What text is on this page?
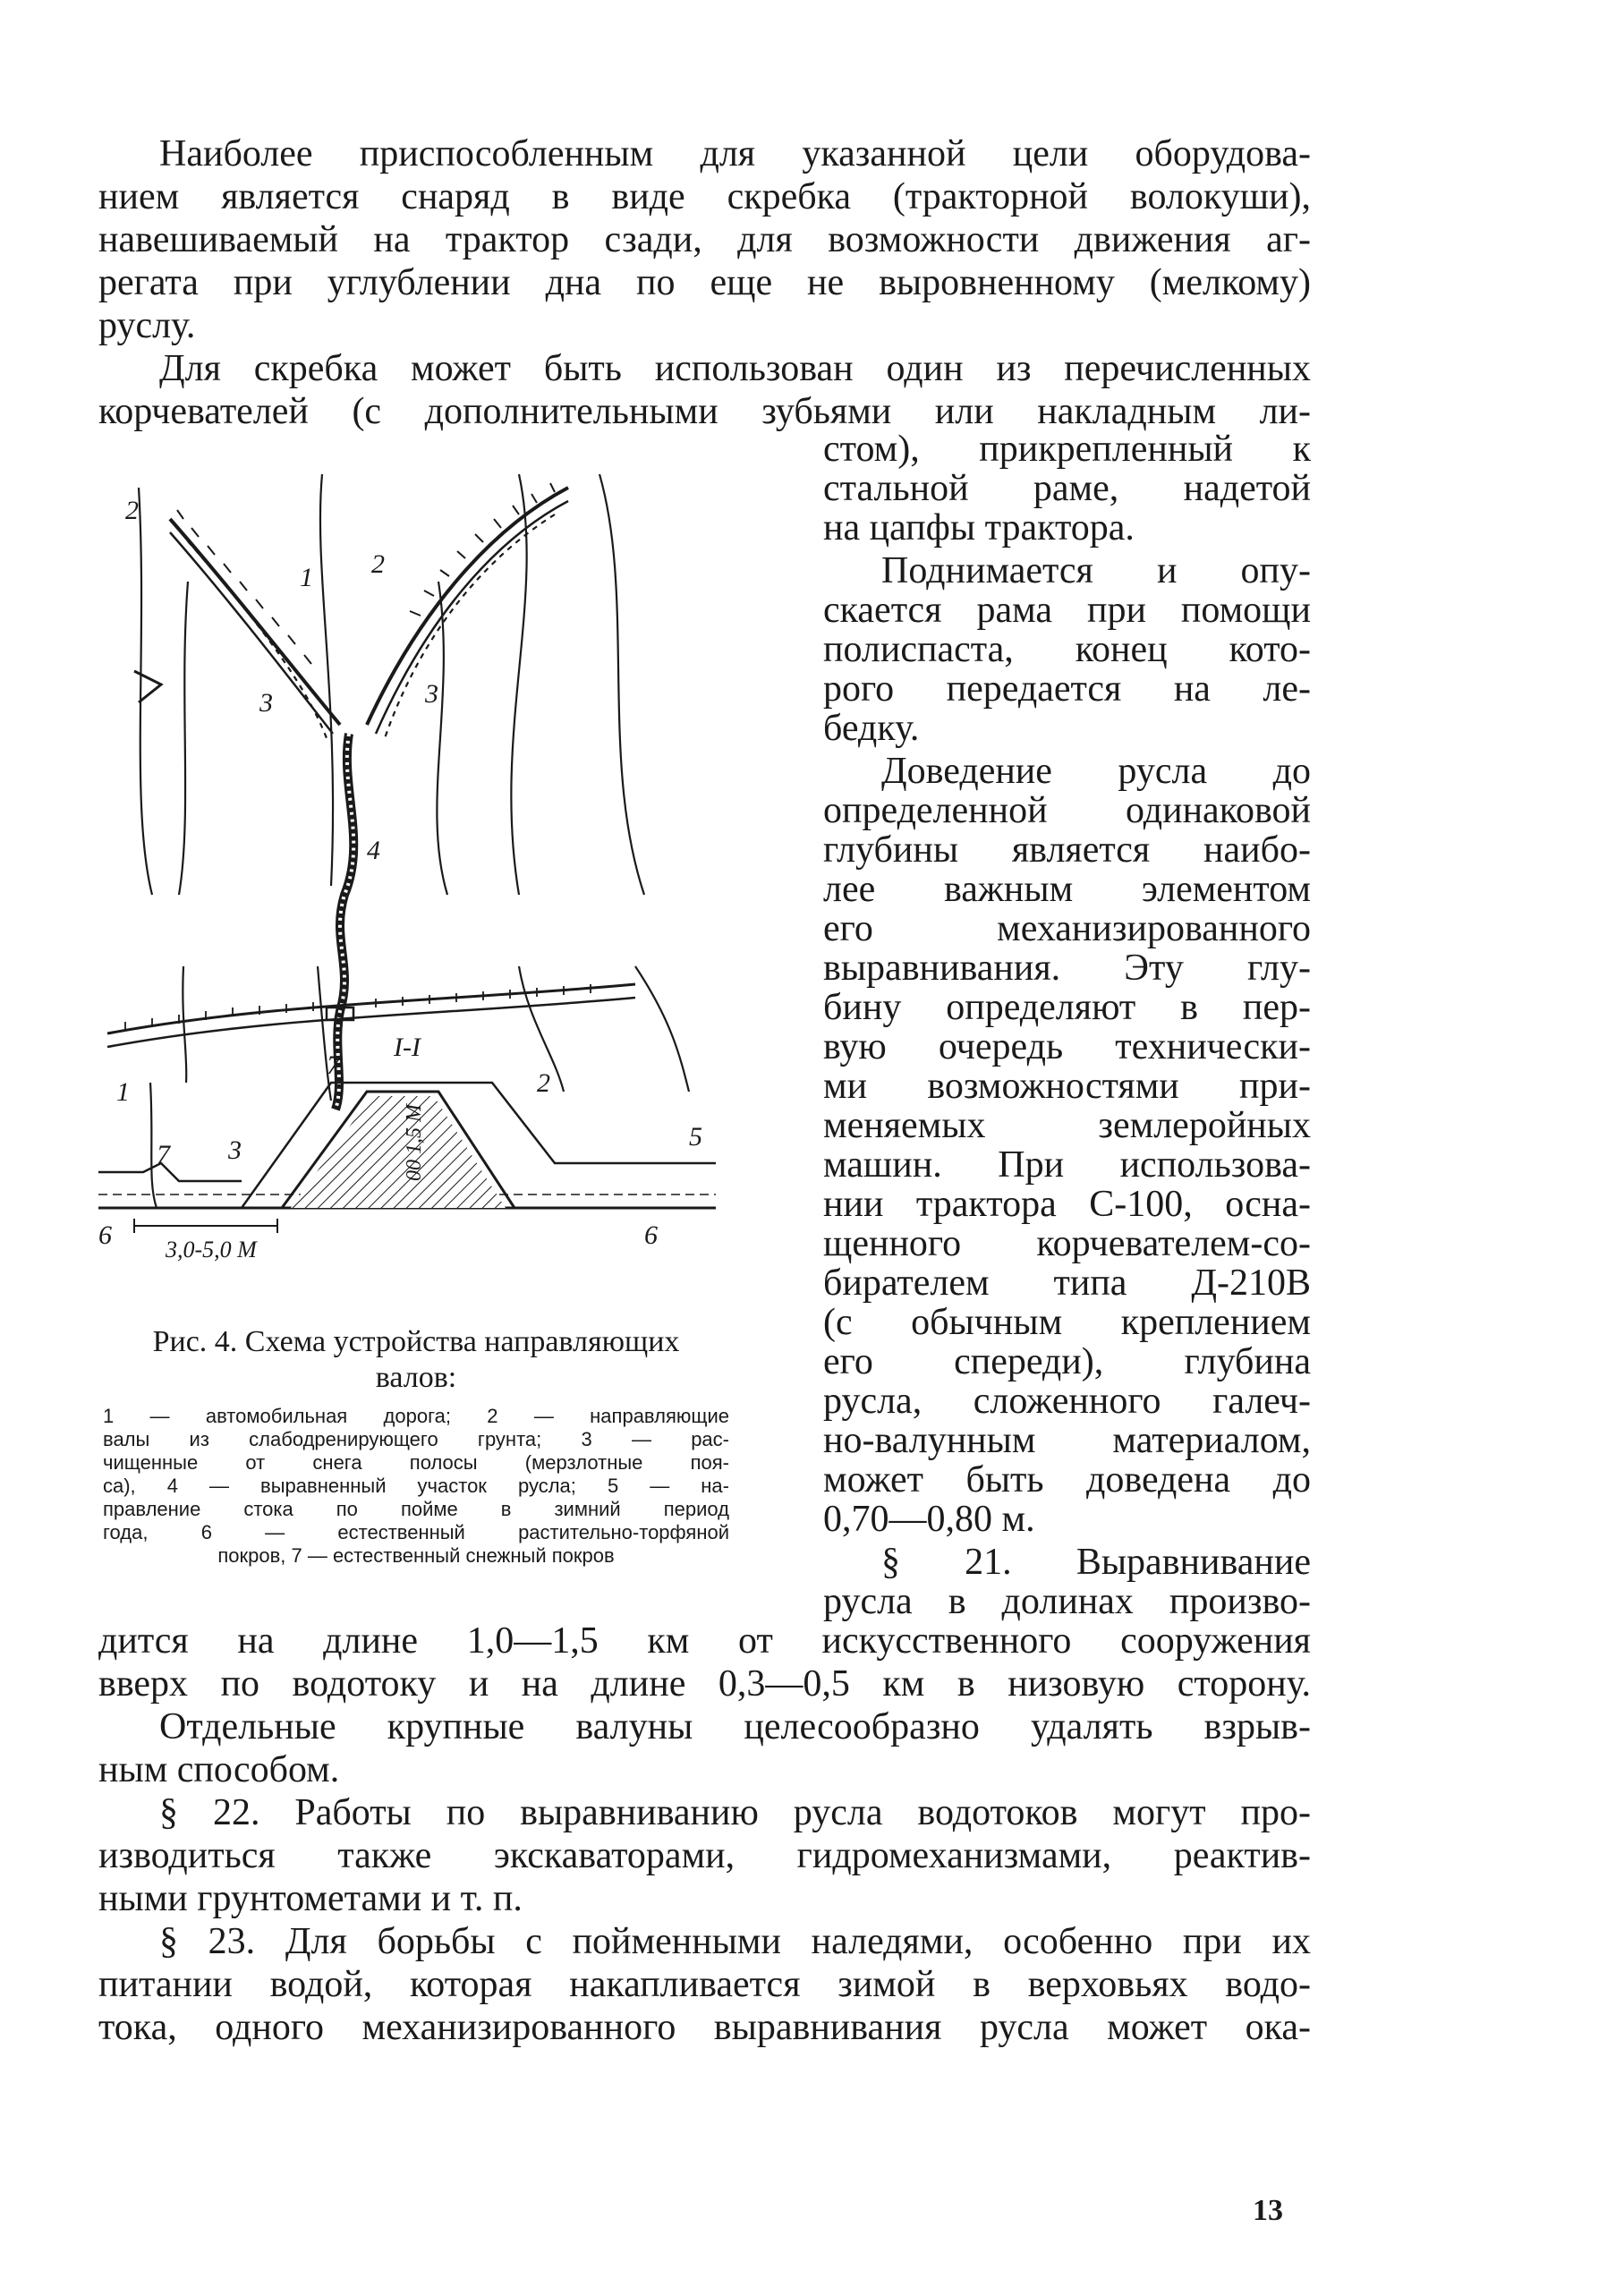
Наиболее приспособленным для указанной цели оборудова-
нием является снаряд в виде скребка (тракторной волокуши),
навешиваемый на трактор сзади, для возможности движения аг-
регата при углублении дна по еще не выровненному (мелкому)
руслу.
Для скребка может быть использован один из перечисленных
корчевателей (с дополнительными зубьями или накладным ли-
стом), прикрепленный к
стальной раме, надетой
на цапфы трактора.
Поднимается и опу-
скается рама при помощи
полиспаста, конец кото-
рого передается на ле-
бедку.
Доведение русла до
определенной одинаковой
глубины является наибо-
лее важным элементом
его механизированного
выравнивания. Эту глу-
бину определяют в пер-
вую очередь технически-
ми возможностями при-
меняемых землеройных
машин. При использова-
нии трактора С-100, осна-
щенного корчевателем-со-
бирателем типа Д-210В
(с обычным креплением
его спереди), глубина
русла, сложенного галеч-
но-валунным материалом,
может быть доведена до
0,70—0,80 м.
§ 21. Выравнивание
русла в долинах произво-
дится на длине 1,0—1,5 км от искусственного сооружения
вверх по водотоку и на длине 0,3—0,5 км в низовую сторону.
Отдельные крупные валуны целесообразно удалять взрыв-
ным способом.
§ 22. Работы по выравниванию русла водотоков могут про-
изводиться также экскаваторами, гидромеханизмами, реактив-
ными грунтометами и т. п.
§ 23. Для борьбы с пойменными наледями, особенно при их
питании водой, которая накапливается зимой в верховьях водо-
тока, одного механизированного выравнивания русла может ока-
2
1 2
3	3
4
1
I-I
7
2
5
7 3
6
6
00 1,5 M
3,0-5,0 M
Рис. 4. Схема устройства направляющих
валов:
1 — автомобильная дорога; 2 — направляющие
валы из слабодренирующего грунта; 3 — рас-
чищенные от снега полосы (мерзлотные поя-
са), 4 — выравненный участок русла; 5 — на-
правление стока по пойме в зимний период
года, 6 — естественный растительно-торфяной
покров, 7 — естественный снежный покров
13
